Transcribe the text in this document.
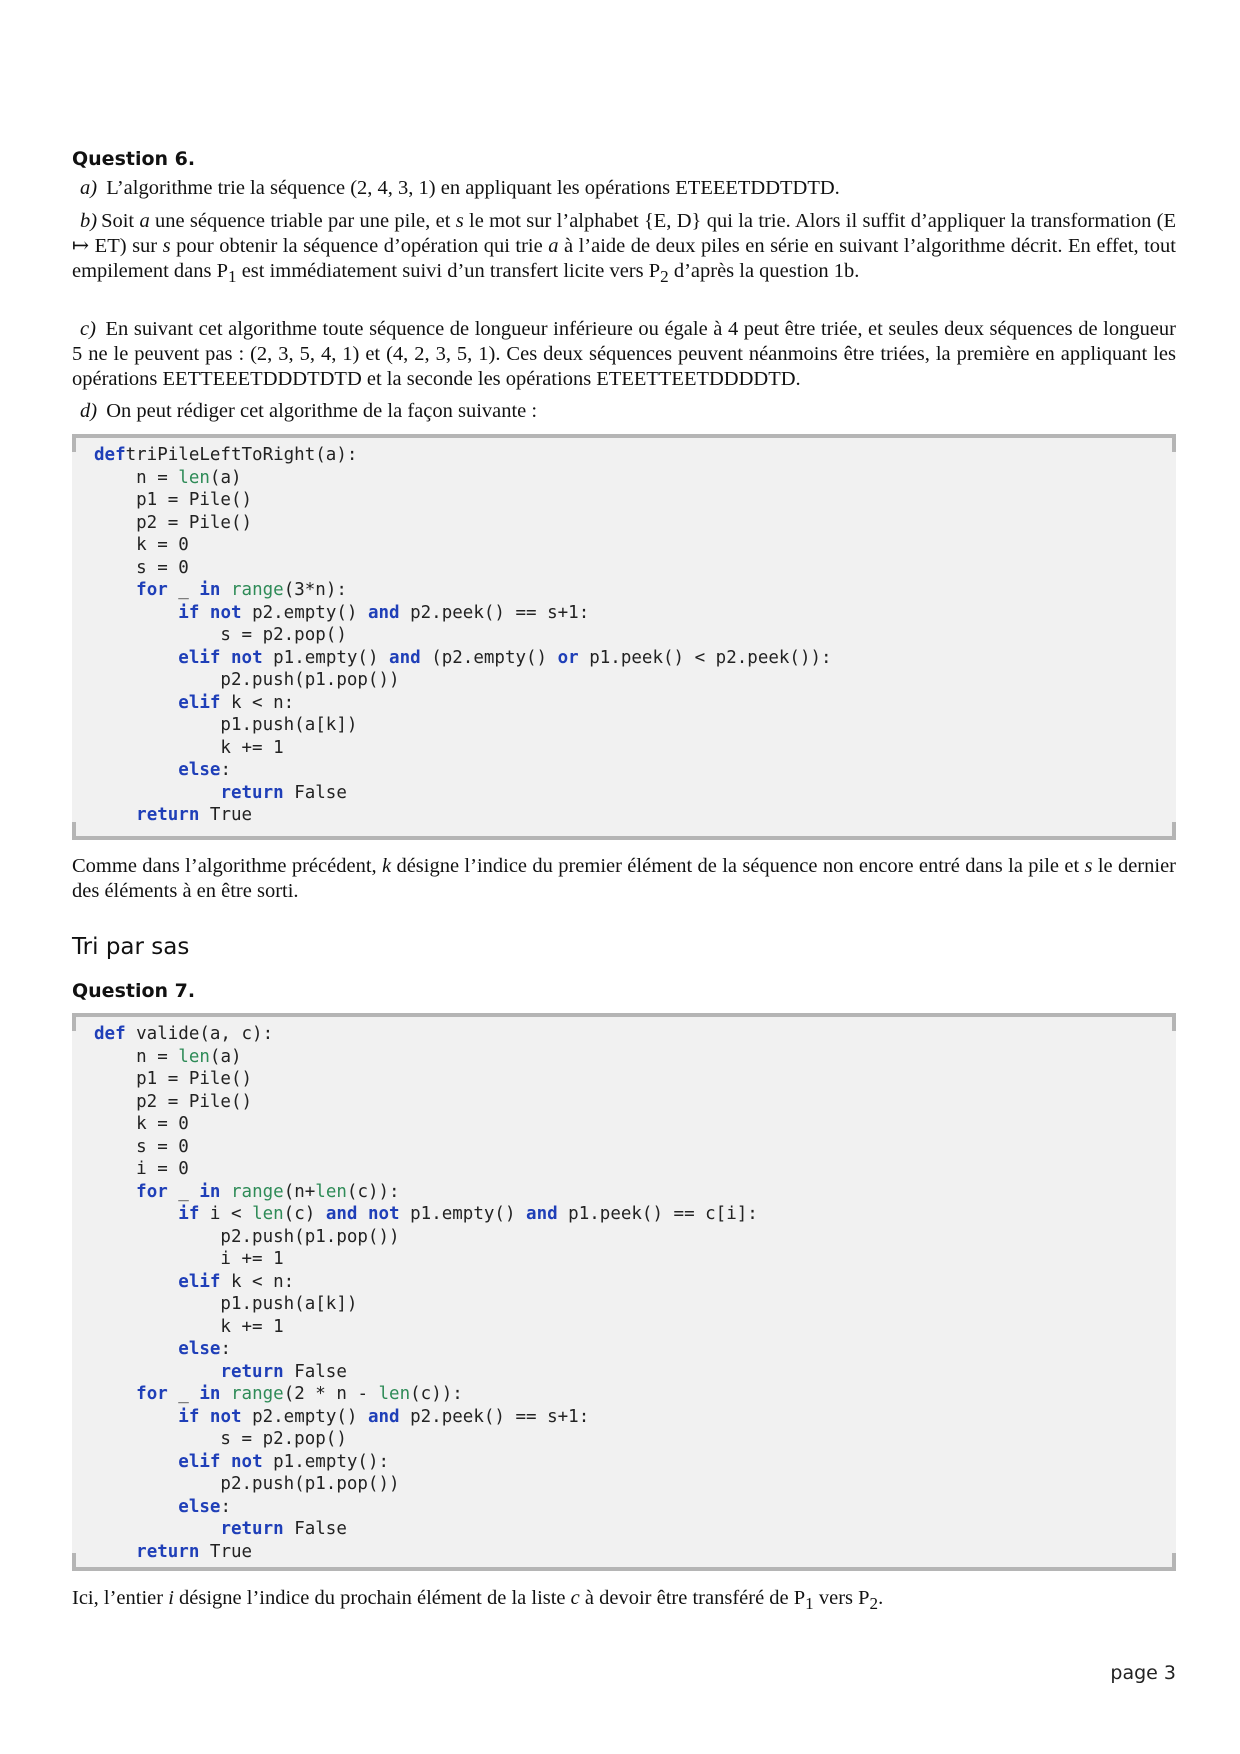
Question 6.
a) L’algorithme trie la séquence (2, 4, 3, 1) en appliquant les opérations ETEEETDDTDTD.
b) Soit a une séquence triable par une pile, et s le mot sur l’alphabet {E, D} qui la trie. Alors il suffit d’appliquer la transformation (E ↦ ET) sur s pour obtenir la séquence d’opération qui trie a à l’aide de deux piles en série en suivant l’algorithme décrit. En effet, tout empilement dans $P_1$ est immédiatement suivi d’un transfert licite vers $P_2$ d’après la question 1b.
c) En suivant cet algorithme toute séquence de longueur inférieure ou égale à 4 peut être triée, et seules deux séquences de longueur 5 ne le peuvent pas : (2, 3, 5, 4, 1) et (4, 2, 3, 5, 1). Ces deux séquences peuvent néanmoins être triées, la première en appliquant les opérations EETTEEETDDDTDTD et la seconde les opérations ETEETTEETDDDDTD.
d) On peut rédiger cet algorithme de la façon suivante :
deftriPileLeftToRight(a):
n = len(a)
p1 = Pile()
p2 = Pile()
k = 0
s = 0
for _ in range(3*n):
if not p2.empty() and p2.peek() == s+1:
s = p2.pop()
elif not p1.empty() and (p2.empty() or p1.peek() < p2.peek()):
p2.push(p1.pop())
elif k < n:
p1.push(a[k])
k += 1
else:
return False
return True
Comme dans l’algorithme précédent, k désigne l’indice du premier élément de la séquence non encore entré dans la pile et s le dernier des éléments à en être sorti.
Tri par sas
Question 7.
def valide(a, c):
n = len(a)
p1 = Pile()
p2 = Pile()
k = 0
s = 0
i = 0
for _ in range(n+len(c)):
if i < len(c) and not p1.empty() and p1.peek() == c[i]:
p2.push(p1.pop())
i += 1
elif k < n:
p1.push(a[k])
k += 1
else:
return False
for _ in range(2 * n - len(c)):
if not p2.empty() and p2.peek() == s+1:
s = p2.pop()
elif not p1.empty():
p2.push(p1.pop())
else:
return False
return True
Ici, l’entier i désigne l’indice du prochain élément de la liste c à devoir être transféré de $P_1$ vers $P_2$.
page 3
